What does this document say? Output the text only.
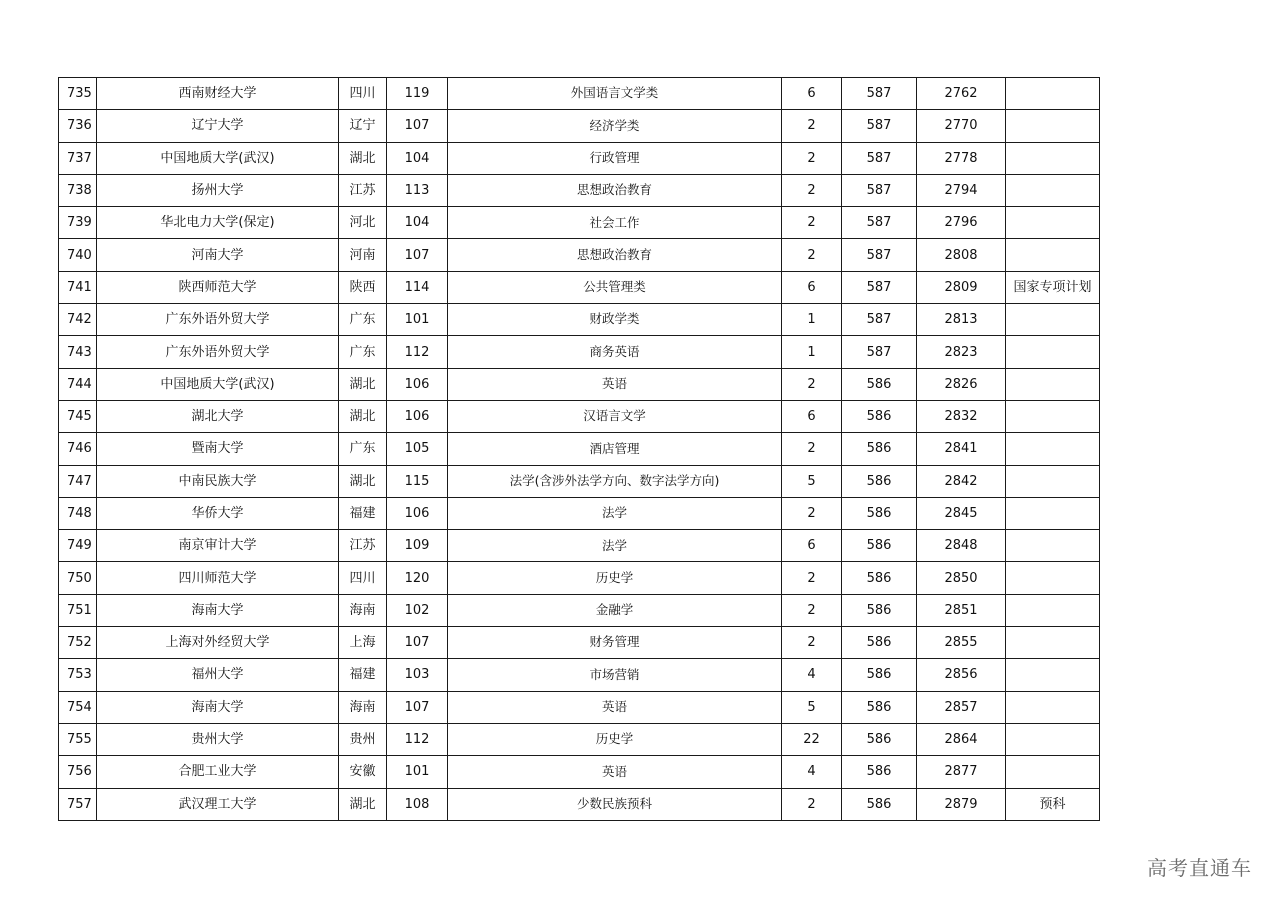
735	西南财经大学	四川	119	外国语言文学类	6	587	2762	
736	辽宁大学	辽宁	107	经济学类	2	587	2770	
737	中国地质大学(武汉)	湖北	104	行政管理	2	587	2778	
738	扬州大学	江苏	113	思想政治教育	2	587	2794	
739	华北电力大学(保定)	河北	104	社会工作	2	587	2796	
740	河南大学	河南	107	思想政治教育	2	587	2808	
741	陕西师范大学	陕西	114	公共管理类	6	587	2809	国家专项计划
742	广东外语外贸大学	广东	101	财政学类	1	587	2813	
743	广东外语外贸大学	广东	112	商务英语	1	587	2823	
744	中国地质大学(武汉)	湖北	106	英语	2	586	2826	
745	湖北大学	湖北	106	汉语言文学	6	586	2832	
746	暨南大学	广东	105	酒店管理	2	586	2841	
747	中南民族大学	湖北	115	法学(含涉外法学方向、数字法学方向)	5	586	2842	
748	华侨大学	福建	106	法学	2	586	2845	
749	南京审计大学	江苏	109	法学	6	586	2848	
750	四川师范大学	四川	120	历史学	2	586	2850	
751	海南大学	海南	102	金融学	2	586	2851	
752	上海对外经贸大学	上海	107	财务管理	2	586	2855	
753	福州大学	福建	103	市场营销	4	586	2856	
754	海南大学	海南	107	英语	5	586	2857	
755	贵州大学	贵州	112	历史学	22	586	2864	
756	合肥工业大学	安徽	101	英语	4	586	2877	
757	武汉理工大学	湖北	108	少数民族预科	2	586	2879	预科
高考直通车
